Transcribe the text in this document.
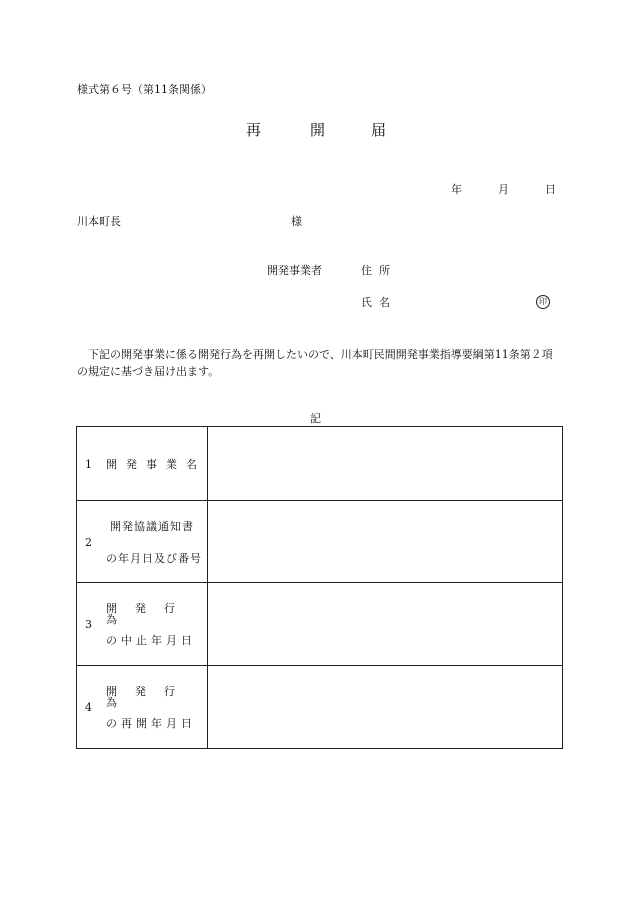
様式第６号（第11条関係）
再	開	届
年	月	日
川本町長	様
開発事業者	住所
氏名	印
下記の開発事業に係る開発行為を再開したいので、川本町民間開発事業指導要綱第11条第２項の規定に基づき届け出ます。
記
1 開発事業名	

2
開発協議通知書
の年月日及び番号	

3
開発行為
の中止年月日	

4
開発行為
の再開年月日	
